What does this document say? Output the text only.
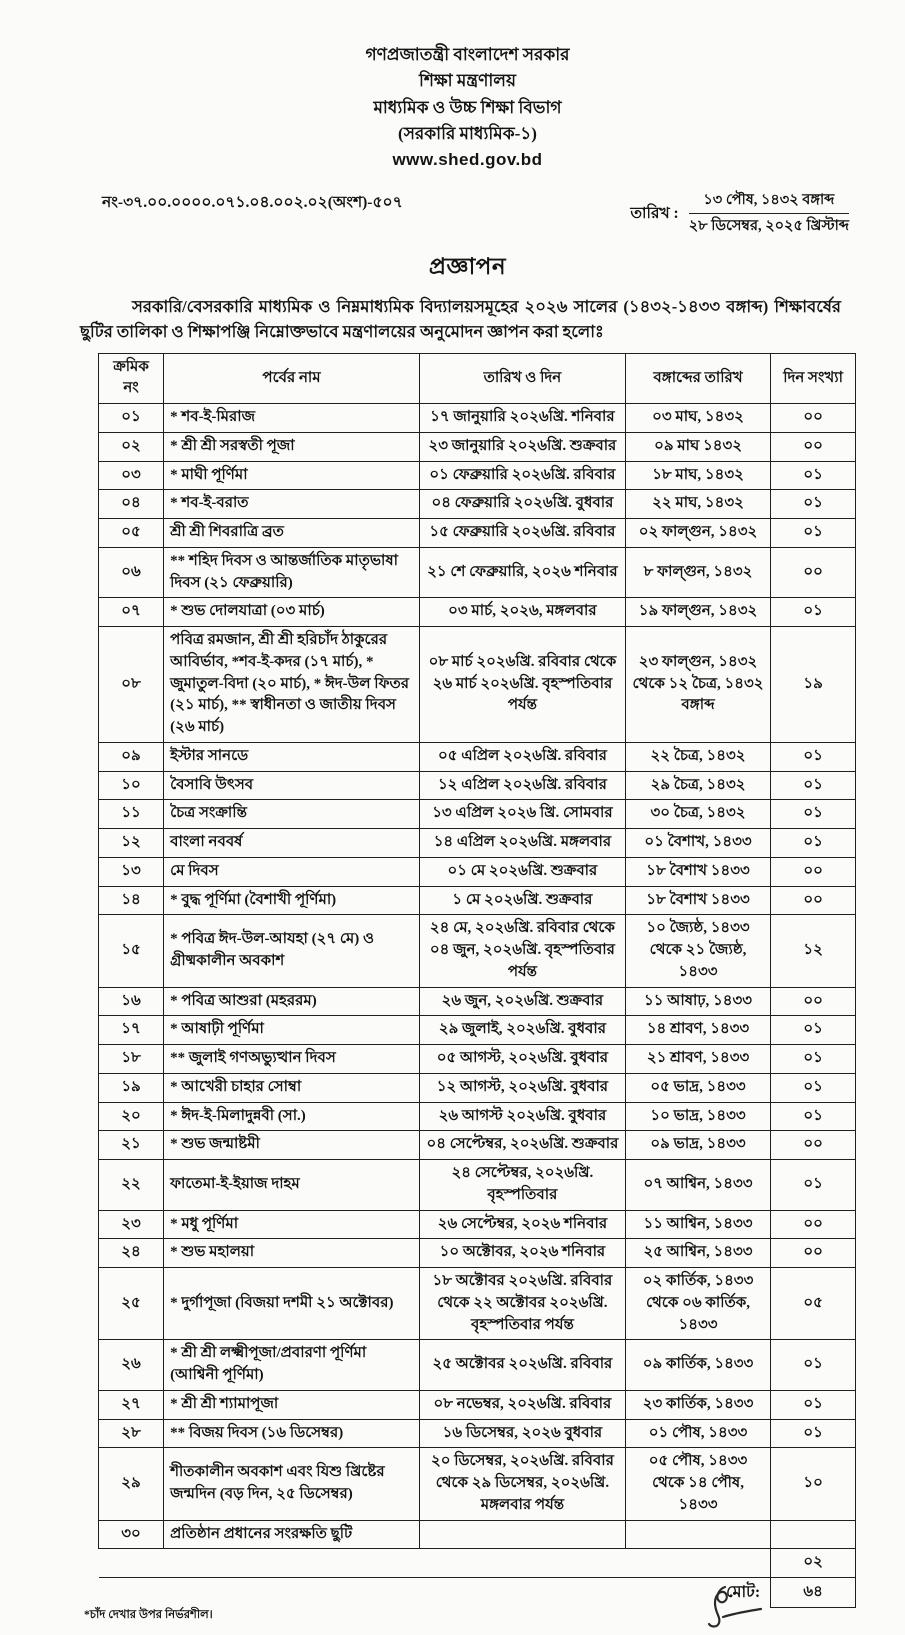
গণপ্রজাতন্ত্রী বাংলাদেশ সরকার
শিক্ষা মন্ত্রণালয়
মাধ্যমিক ও উচ্চ শিক্ষা বিভাগ
(সরকারি মাধ্যমিক-১)
www.shed.gov.bd
নং-৩৭.০০.০০০০.০৭১.০৪.০০২.০২(অংশ)-৫০৭
তারিখ :
১৩ পৌষ, ১৪৩২ বঙ্গাব্দ
২৮ ডিসেম্বর, ২০২৫ খ্রিস্টাব্দ
প্রজ্ঞাপন

সরকারি/বেসরকারি মাধ্যমিক ও নিম্নমাধ্যমিক বিদ্যালয়সমূহের ২০২৬ সালের (১৪৩২-১৪৩৩ বঙ্গাব্দ) শিক্ষাবর্ষের ছুটির তালিকা ও শিক্ষাপঞ্জি নিম্নোক্তভাবে মন্ত্রণালয়ের অনুমোদন জ্ঞাপন করা হলোঃ

ক্রমিক নং	পর্বের নাম	তারিখ ও দিন	বঙ্গাব্দের তারিখ	দিন সংখ্যা
০১	* শব-ই-মিরাজ	১৭ জানুয়ারি ২০২৬খ্রি. শনিবার	০৩ মাঘ, ১৪৩২	০০
০২	* শ্রী শ্রী সরস্বতী পূজা	২৩ জানুয়ারি ২০২৬খ্রি. শুক্রবার	০৯ মাঘ ১৪৩২	০০
০৩	* মাঘী পূর্ণিমা	০১ ফেব্রুয়ারি ২০২৬খ্রি. রবিবার	১৮ মাঘ, ১৪৩২	০১
০৪	* শব-ই-বরাত	০৪ ফেব্রুয়ারি ২০২৬খ্রি. বুধবার	২২ মাঘ, ১৪৩২	০১
০৫	শ্রী শ্রী শিবরাত্রি ব্রত	১৫ ফেব্রুয়ারি ২০২৬খ্রি. রবিবার	০২ ফাল্গুন, ১৪৩২	০১
০৬	** শহিদ দিবস ও আন্তর্জাতিক মাতৃভাষা দিবস (২১ ফেব্রুয়ারি)	২১ শে ফেব্রুয়ারি, ২০২৬ শনিবার	৮ ফাল্গুন, ১৪৩২	০০
০৭	* শুভ দোলযাত্রা (০৩ মার্চ)	০৩ মার্চ, ২০২৬, মঙ্গলবার	১৯ ফাল্গুন, ১৪৩২	০১
০৮	পবিত্র রমজান, শ্রী শ্রী হরিচাঁদ ঠাকুরের আবির্ভাব, *শব-ই-কদর (১৭ মার্চ), * জুমাতুল-বিদা (২০ মার্চ), * ঈদ-উল ফিতর (২১ মার্চ), ** স্বাধীনতা ও জাতীয় দিবস (২৬ মার্চ)	০৮ মার্চ ২০২৬খ্রি. রবিবার থেকে ২৬ মার্চ ২০২৬খ্রি. বৃহস্পতিবার পর্যন্ত	২৩ ফাল্গুন, ১৪৩২ থেকে ১২ চৈত্র, ১৪৩২ বঙ্গাব্দ	১৯
০৯	ইস্টার সানডে	০৫ এপ্রিল ২০২৬খ্রি. রবিবার	২২ চৈত্র, ১৪৩২	০১
১০	বৈসাবি উৎসব	১২ এপ্রিল ২০২৬খ্রি. রবিবার	২৯ চৈত্র, ১৪৩২	০১
১১	চৈত্র সংক্রান্তি	১৩ এপ্রিল ২০২৬ খ্রি. সোমবার	৩০ চৈত্র, ১৪৩২	০১
১২	বাংলা নববর্ষ	১৪ এপ্রিল ২০২৬খ্রি. মঙ্গলবার	০১ বৈশাখ, ১৪৩৩	০১
১৩	মে দিবস	০১ মে ২০২৬খ্রি. শুক্রবার	১৮ বৈশাখ ১৪৩৩	০০
১৪	* বুদ্ধ পূর্ণিমা (বৈশাখী পূর্ণিমা)	১ মে ২০২৬খ্রি. শুক্রবার	১৮ বৈশাখ ১৪৩৩	০০
১৫	* পবিত্র ঈদ-উল-আযহা (২৭ মে) ও গ্রীষ্মকালীন অবকাশ	২৪ মে, ২০২৬খ্রি. রবিবার থেকে ০৪ জুন, ২০২৬খ্রি. বৃহস্পতিবার পর্যন্ত	১০ জ্যৈষ্ঠ, ১৪৩৩ থেকে ২১ জ্যৈষ্ঠ, ১৪৩৩	১২
১৬	* পবিত্র আশুরা (মহররম)	২৬ জুন, ২০২৬খ্রি. শুক্রবার	১১ আষাঢ়, ১৪৩৩	০০
১৭	* আষাঢ়ী পূর্ণিমা	২৯ জুলাই, ২০২৬খ্রি. বুধবার	১৪ শ্রাবণ, ১৪৩৩	০১
১৮	** জুলাই গণঅভ্যুত্থান দিবস	০৫ আগস্ট, ২০২৬খ্রি. বুধবার	২১ শ্রাবণ, ১৪৩৩	০১
১৯	* আখেরী চাহার সোম্বা	১২ আগস্ট, ২০২৬খ্রি. বুধবার	০৫ ভাদ্র, ১৪৩৩	০১
২০	* ঈদ-ই-মিলাদুন্নবী (সা.)	২৬ আগস্ট ২০২৬খ্রি. বুধবার	১০ ভাদ্র, ১৪৩৩	০১
২১	* শুভ জন্মাষ্টমী	০৪ সেপ্টেম্বর, ২০২৬খ্রি. শুক্রবার	০৯ ভাদ্র, ১৪৩৩	০০
২২	ফাতেমা-ই-ইয়াজ দাহম	২৪ সেপ্টেম্বর, ২০২৬খ্রি. বৃহস্পতিবার	০৭ আশ্বিন, ১৪৩৩	০১
২৩	* মধু পূর্ণিমা	২৬ সেপ্টেম্বর, ২০২৬ শনিবার	১১ আশ্বিন, ১৪৩৩	০০
২৪	* শুভ মহালয়া	১০ অক্টোবর, ২০২৬ শনিবার	২৫ আশ্বিন, ১৪৩৩	০০
২৫	* দুর্গাপূজা (বিজয়া দশমী ২১ অক্টোবর)	১৮ অক্টোবর ২০২৬খ্রি. রবিবার থেকে ২২ অক্টোবর ২০২৬খ্রি. বৃহস্পতিবার পর্যন্ত	০২ কার্তিক, ১৪৩৩ থেকে ০৬ কার্তিক, ১৪৩৩	০৫
২৬	* শ্রী শ্রী লক্ষ্মীপূজা/প্রবারণা পূর্ণিমা (আশ্বিনী পূর্ণিমা)	২৫ অক্টোবর ২০২৬খ্রি. রবিবার	০৯ কার্তিক, ১৪৩৩	০১
২৭	* শ্রী শ্রী শ্যামাপূজা	০৮ নভেম্বর, ২০২৬খ্রি. রবিবার	২৩ কার্তিক, ১৪৩৩	০১
২৮	** বিজয় দিবস (১৬ ডিসেম্বর)	১৬ ডিসেম্বর, ২০২৬ বুধবার	০১ পৌষ, ১৪৩৩	০১
২৯	শীতকালীন অবকাশ এবং যিশু খ্রিষ্টের জন্মদিন (বড় দিন, ২৫ ডিসেম্বর)	২০ ডিসেম্বর, ২০২৬খ্রি. রবিবার থেকে ২৯ ডিসেম্বর, ২০২৬খ্রি. মঙ্গলবার পর্যন্ত	০৫ পৌষ, ১৪৩৩ থেকে ১৪ পৌষ, ১৪৩৩	১০
৩০	প্রতিষ্ঠান প্রধানের সংরক্ষতি ছুটি			
				০২
মোট:				৬৪
*চাঁদ দেখার উপর নির্ভরশীল।
